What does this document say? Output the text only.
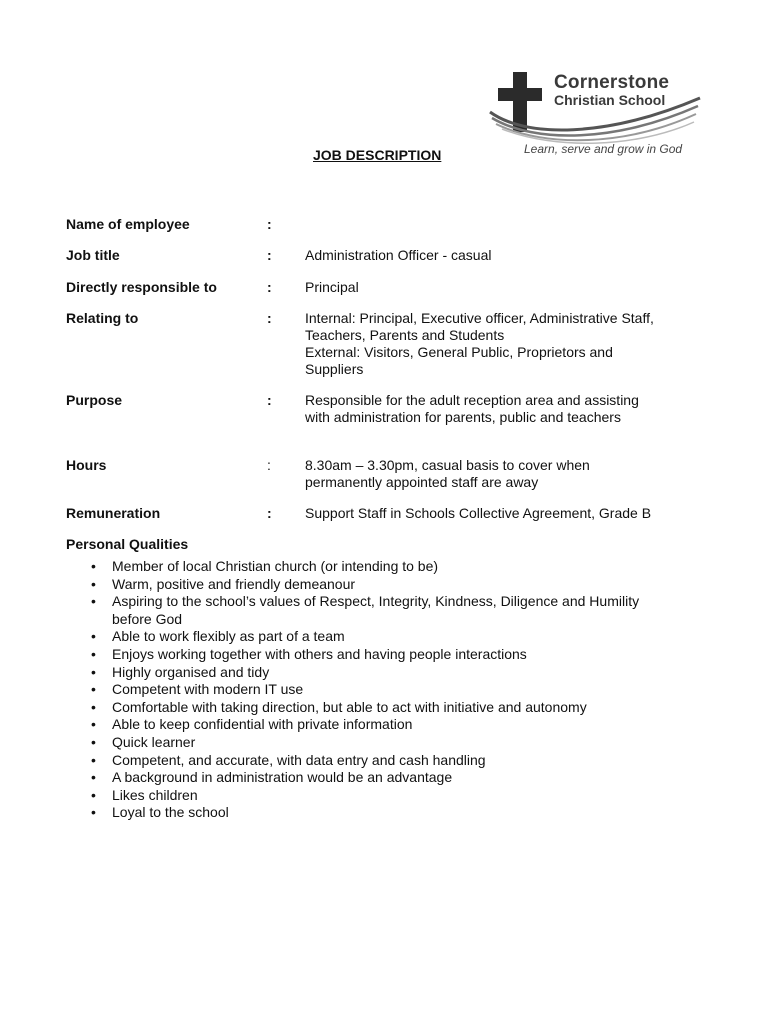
Cornerstone
Christian School
Learn, serve and grow in God
JOB DESCRIPTION
Name of employee	:
Job title	: Administration Officer - casual
Directly responsible to	: Principal
Relating to	: Internal: Principal, Executive officer, Administrative Staff,
Teachers, Parents and Students
External: Visitors, General Public, Proprietors and
Suppliers
Purpose	: Responsible for the adult reception area and assisting
with administration for parents, public and teachers
Hours	: 8.30am – 3.30pm, casual basis to cover when
permanently appointed staff are away
Remuneration	: Support Staff in Schools Collective Agreement, Grade B
Personal Qualities
• Member of local Christian church (or intending to be)
• Warm, positive and friendly demeanour
• Aspiring to the school’s values of Respect, Integrity, Kindness, Diligence and Humility
before God
• Able to work flexibly as part of a team
• Enjoys working together with others and having people interactions
• Highly organised and tidy
• Competent with modern IT use
• Comfortable with taking direction, but able to act with initiative and autonomy
• Able to keep confidential with private information
• Quick learner
• Competent, and accurate, with data entry and cash handling
• A background in administration would be an advantage
• Likes children
• Loyal to the school
